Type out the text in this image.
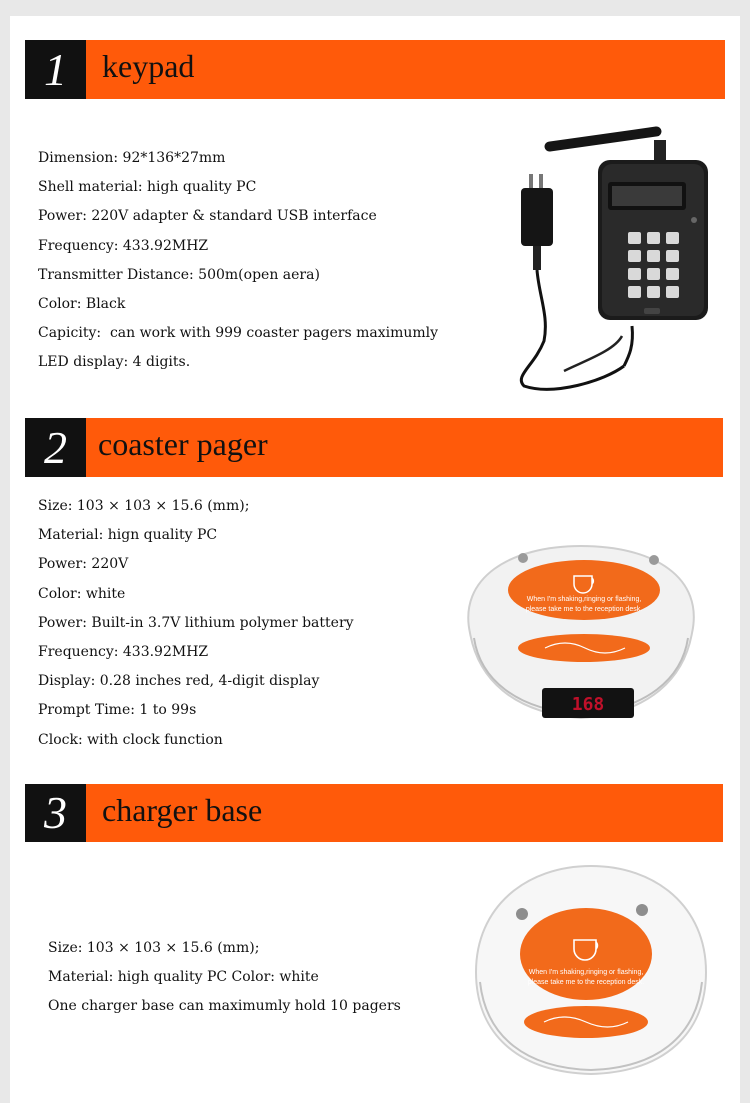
1	keypad
Dimension: 92*136*27mm
Shell material: high quality PC
Power: 220V adapter & standard USB interface
Frequency: 433.92MHZ
Transmitter Distance: 500m(open aera)
Color: Black
Capicity:  can work with 999 coaster pagers maximumly
LED display: 4 digits.
2 coaster pager
Size: 103 × 103 × 15.6 (mm);
Material: hign quality PC
Power: 220V
Color: white
Power: Built-in 3.7V lithium polymer battery
Frequency: 433.92MHZ
Display: 0.28 inches red, 4-digit display
Prompt Time: 1 to 99s
Clock: with clock function
When I'm shaking,ringing or flashing,
please take me to the reception desk.
168
3	charger base
Size: 103 × 103 × 15.6 (mm);
Material: high quality PC Color: white
One charger base can maximumly hold 10 pagers
When I'm shaking,ringing or flashing,
please take me to the reception desk.
